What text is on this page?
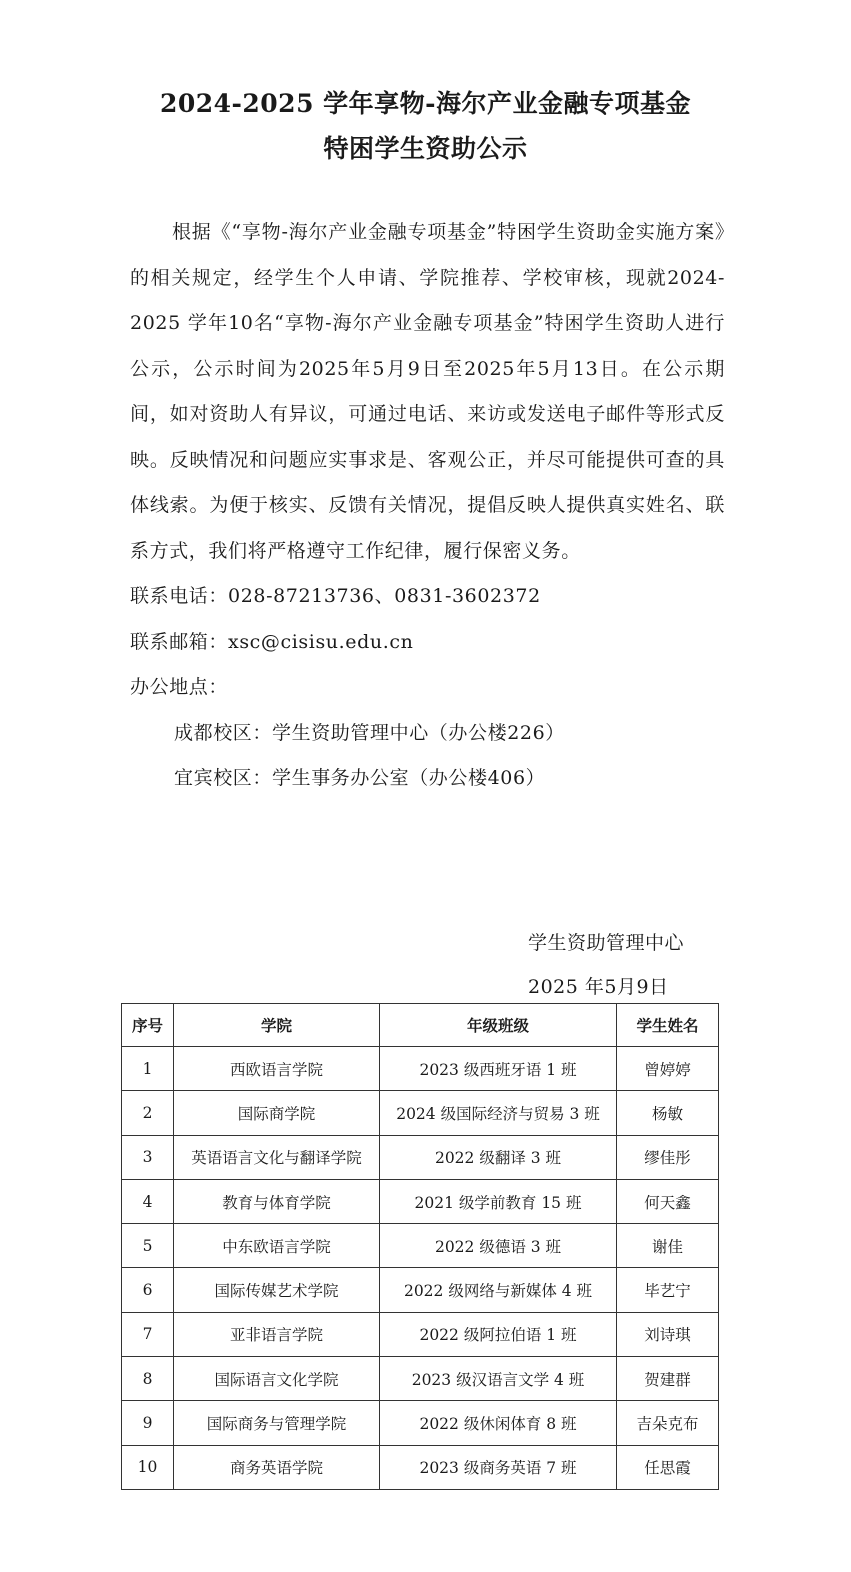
2024-2025 学年享物-海尔产业金融专项基金
特困学生资助公示

根据《“享物-海尔产业金融专项基金”特困学生资助金实施方案》的相关规定，经学生个人申请、学院推荐、学校审核，现就2024-2025 学年10名“享物-海尔产业金融专项基金”特困学生资助人进行公示，公示时间为2025年5月9日至2025年5月13日。在公示期间，如对资助人有异议，可通过电话、来访或发送电子邮件等形式反映。反映情况和问题应实事求是、客观公正，并尽可能提供可查的具体线索。为便于核实、反馈有关情况，提倡反映人提供真实姓名、联系方式，我们将严格遵守工作纪律，履行保密义务。

联系电话：028-87213736、0831-3602372

联系邮箱：xsc@cisisu.edu.cn

办公地点：

成都校区：学生资助管理中心（办公楼226）

宜宾校区：学生事务办公室（办公楼406）

学生资助管理中心
2025 年5月9日
序号	学院	年级班级	学生姓名
1	西欧语言学院	2023 级西班牙语 1 班	曾婷婷
2	国际商学院	2024 级国际经济与贸易 3 班	杨敏
3	英语语言文化与翻译学院	2022 级翻译 3 班	缪佳彤
4	教育与体育学院	2021 级学前教育 15 班	何天鑫
5	中东欧语言学院	2022 级德语 3 班	谢佳
6	国际传媒艺术学院	2022 级网络与新媒体 4 班	毕艺宁
7	亚非语言学院	2022 级阿拉伯语 1 班	刘诗琪
8	国际语言文化学院	2023 级汉语言文学 4 班	贺建群
9	国际商务与管理学院	2022 级休闲体育 8 班	吉朵克布
10	商务英语学院	2023 级商务英语 7 班	任思霞
